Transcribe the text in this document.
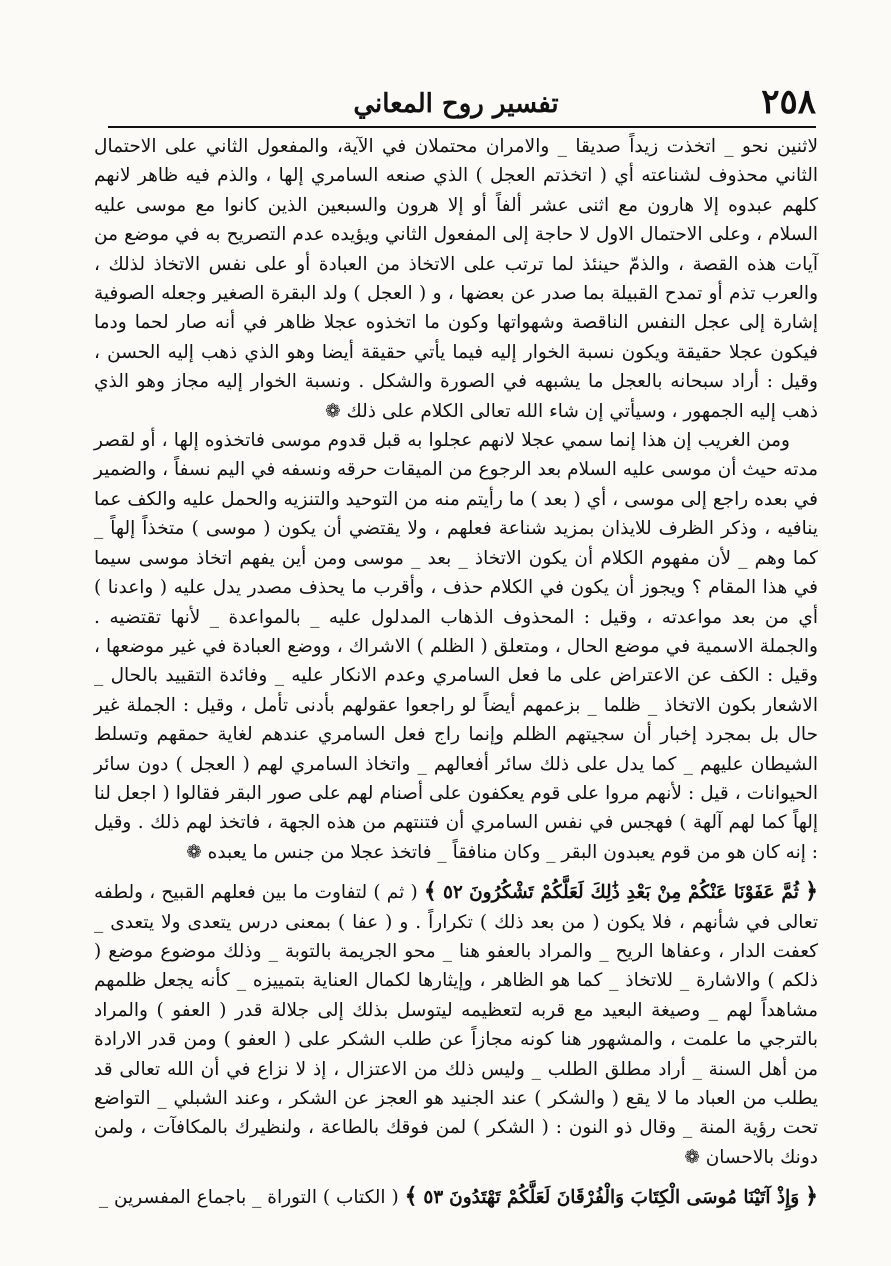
٢٥٨
تفسير روح المعاني

لاثنين نحو _ اتخذت زيداً صديقا _ والامران محتملان في الآية، والمفعول الثاني على الاحتمال الثاني محذوف لشناعته أي ( اتخذتم العجل ) الذي صنعه السامري إلها ، والذم فيه ظاهر لانهم كلهم عبدوه إلا هارون مع اثنى عشر ألفاً أو إلا هرون والسبعين الذين كانوا مع موسى عليه السلام ، وعلى الاحتمال الاول لا حاجة إلى المفعول الثاني ويؤيده عدم التصريح به في موضع من آيات هذه القصة ، والذمّ حينئذ لما ترتب على الاتخاذ من العبادة أو على نفس الاتخاذ لذلك ، والعرب تذم أو تمدح القبيلة بما صدر عن بعضها ، و ( العجل ) ولد البقرة الصغير وجعله الصوفية إشارة إلى عجل النفس الناقصة وشهواتها وكون ما اتخذوه عجلا ظاهر في أنه صار لحما ودما فيكون عجلا حقيقة ويكون نسبة الخوار إليه فيما يأتي حقيقة أيضا وهو الذي ذهب إليه الحسن ، وقيل : أراد سبحانه بالعجل ما يشبهه في الصورة والشكل . ونسبة الخوار إليه مجاز وهو الذي ذهب إليه الجمهور ، وسيأتي إن شاء الله تعالى الكلام على ذلك ❁

ومن الغريب إن هذا إنما سمي عجلا لانهم عجلوا به قبل قدوم موسى فاتخذوه إلها ، أو لقصر مدته حيث أن موسى عليه السلام بعد الرجوع من الميقات حرقه ونسفه في اليم نسفاً ، والضمير في بعده راجع إلى موسى ، أي ( بعد ) ما رأيتم منه من التوحيد والتنزيه والحمل عليه والكف عما ينافيه ، وذكر الظرف للايذان بمزيد شناعة فعلهم ، ولا يقتضي أن يكون ( موسى ) متخذاً إلهاً _ كما وهم _ لأن مفهوم الكلام أن يكون الاتخاذ _ بعد _ موسى ومن أين يفهم اتخاذ موسى سيما في هذا المقام ؟ ويجوز أن يكون في الكلام حذف ، وأقرب ما يحذف مصدر يدل عليه ( واعدنا ) أي من بعد مواعدته ، وقيل : المحذوف الذهاب المدلول عليه _ بالمواعدة _ لأنها تقتضيه . والجملة الاسمية في موضع الحال ، ومتعلق ( الظلم ) الاشراك ، ووضع العبادة في غير موضعها ، وقيل : الكف عن الاعتراض على ما فعل السامري وعدم الانكار عليه _ وفائدة التقييد بالحال _ الاشعار بكون الاتخاذ _ ظلما _ بزعمهم أيضاً لو راجعوا عقولهم بأدنى تأمل ، وقيل : الجملة غير حال بل بمجرد إخبار أن سجيتهم الظلم وإنما راج فعل السامري عندهم لغاية حمقهم وتسلط الشيطان عليهم _ كما يدل على ذلك سائر أفعالهم _ واتخاذ السامري لهم ( العجل ) دون سائر الحيوانات ، قيل : لأنهم مروا على قوم يعكفون على أصنام لهم على صور البقر فقالوا ( اجعل لنا إلهاً كما لهم آلهة ) فهجس في نفس السامري أن فتنتهم من هذه الجهة ، فاتخذ لهم ذلك . وقيل : إنه كان هو من قوم يعبدون البقر _ وكان منافقاً _ فاتخذ عجلا من جنس ما يعبده ❁

﴿ ثُمَّ عَفَوْنَا عَنْكُمْ مِنْ بَعْدِ ذَٰلِكَ لَعَلَّكُمْ تَشْكُرُونَ ٥٢ ﴾ ( ثم ) لتفاوت ما بين فعلهم القبيح ، ولطفه تعالى في شأنهم ، فلا يكون ( من بعد ذلك ) تكراراً . و ( عفا ) بمعنى درس يتعدى ولا يتعدى _ كعفت الدار ، وعفاها الريح _ والمراد بالعفو هنا _ محو الجريمة بالتوبة _ وذلك موضوع موضع ( ذلكم ) والاشارة _ للاتخاذ _ كما هو الظاهر ، وإيثارها لكمال العناية بتمييزه _ كأنه يجعل ظلمهم مشاهداً لهم _ وصيغة البعيد مع قربه لتعظيمه ليتوسل بذلك إلى جلالة قدر ( العفو ) والمراد بالترجي ما علمت ، والمشهور هنا كونه مجازاً عن طلب الشكر على ( العفو ) ومن قدر الارادة من أهل السنة _ أراد مطلق الطلب _ وليس ذلك من الاعتزال ، إذ لا نزاع في أن الله تعالى قد يطلب من العباد ما لا يقع ( والشكر ) عند الجنيد هو العجز عن الشكر ، وعند الشبلي _ التواضع تحت رؤية المنة _ وقال ذو النون : ( الشكر ) لمن فوقك بالطاعة ، ولنظيرك بالمكافآت ، ولمن دونك بالاحسان ❁

﴿ وَإِذْ آتَيْنَا مُوسَى الْكِتَابَ وَالْفُرْقَانَ لَعَلَّكُمْ تَهْتَدُونَ ٥٣ ﴾ ( الكتاب ) التوراة _ باجماع المفسرين _
